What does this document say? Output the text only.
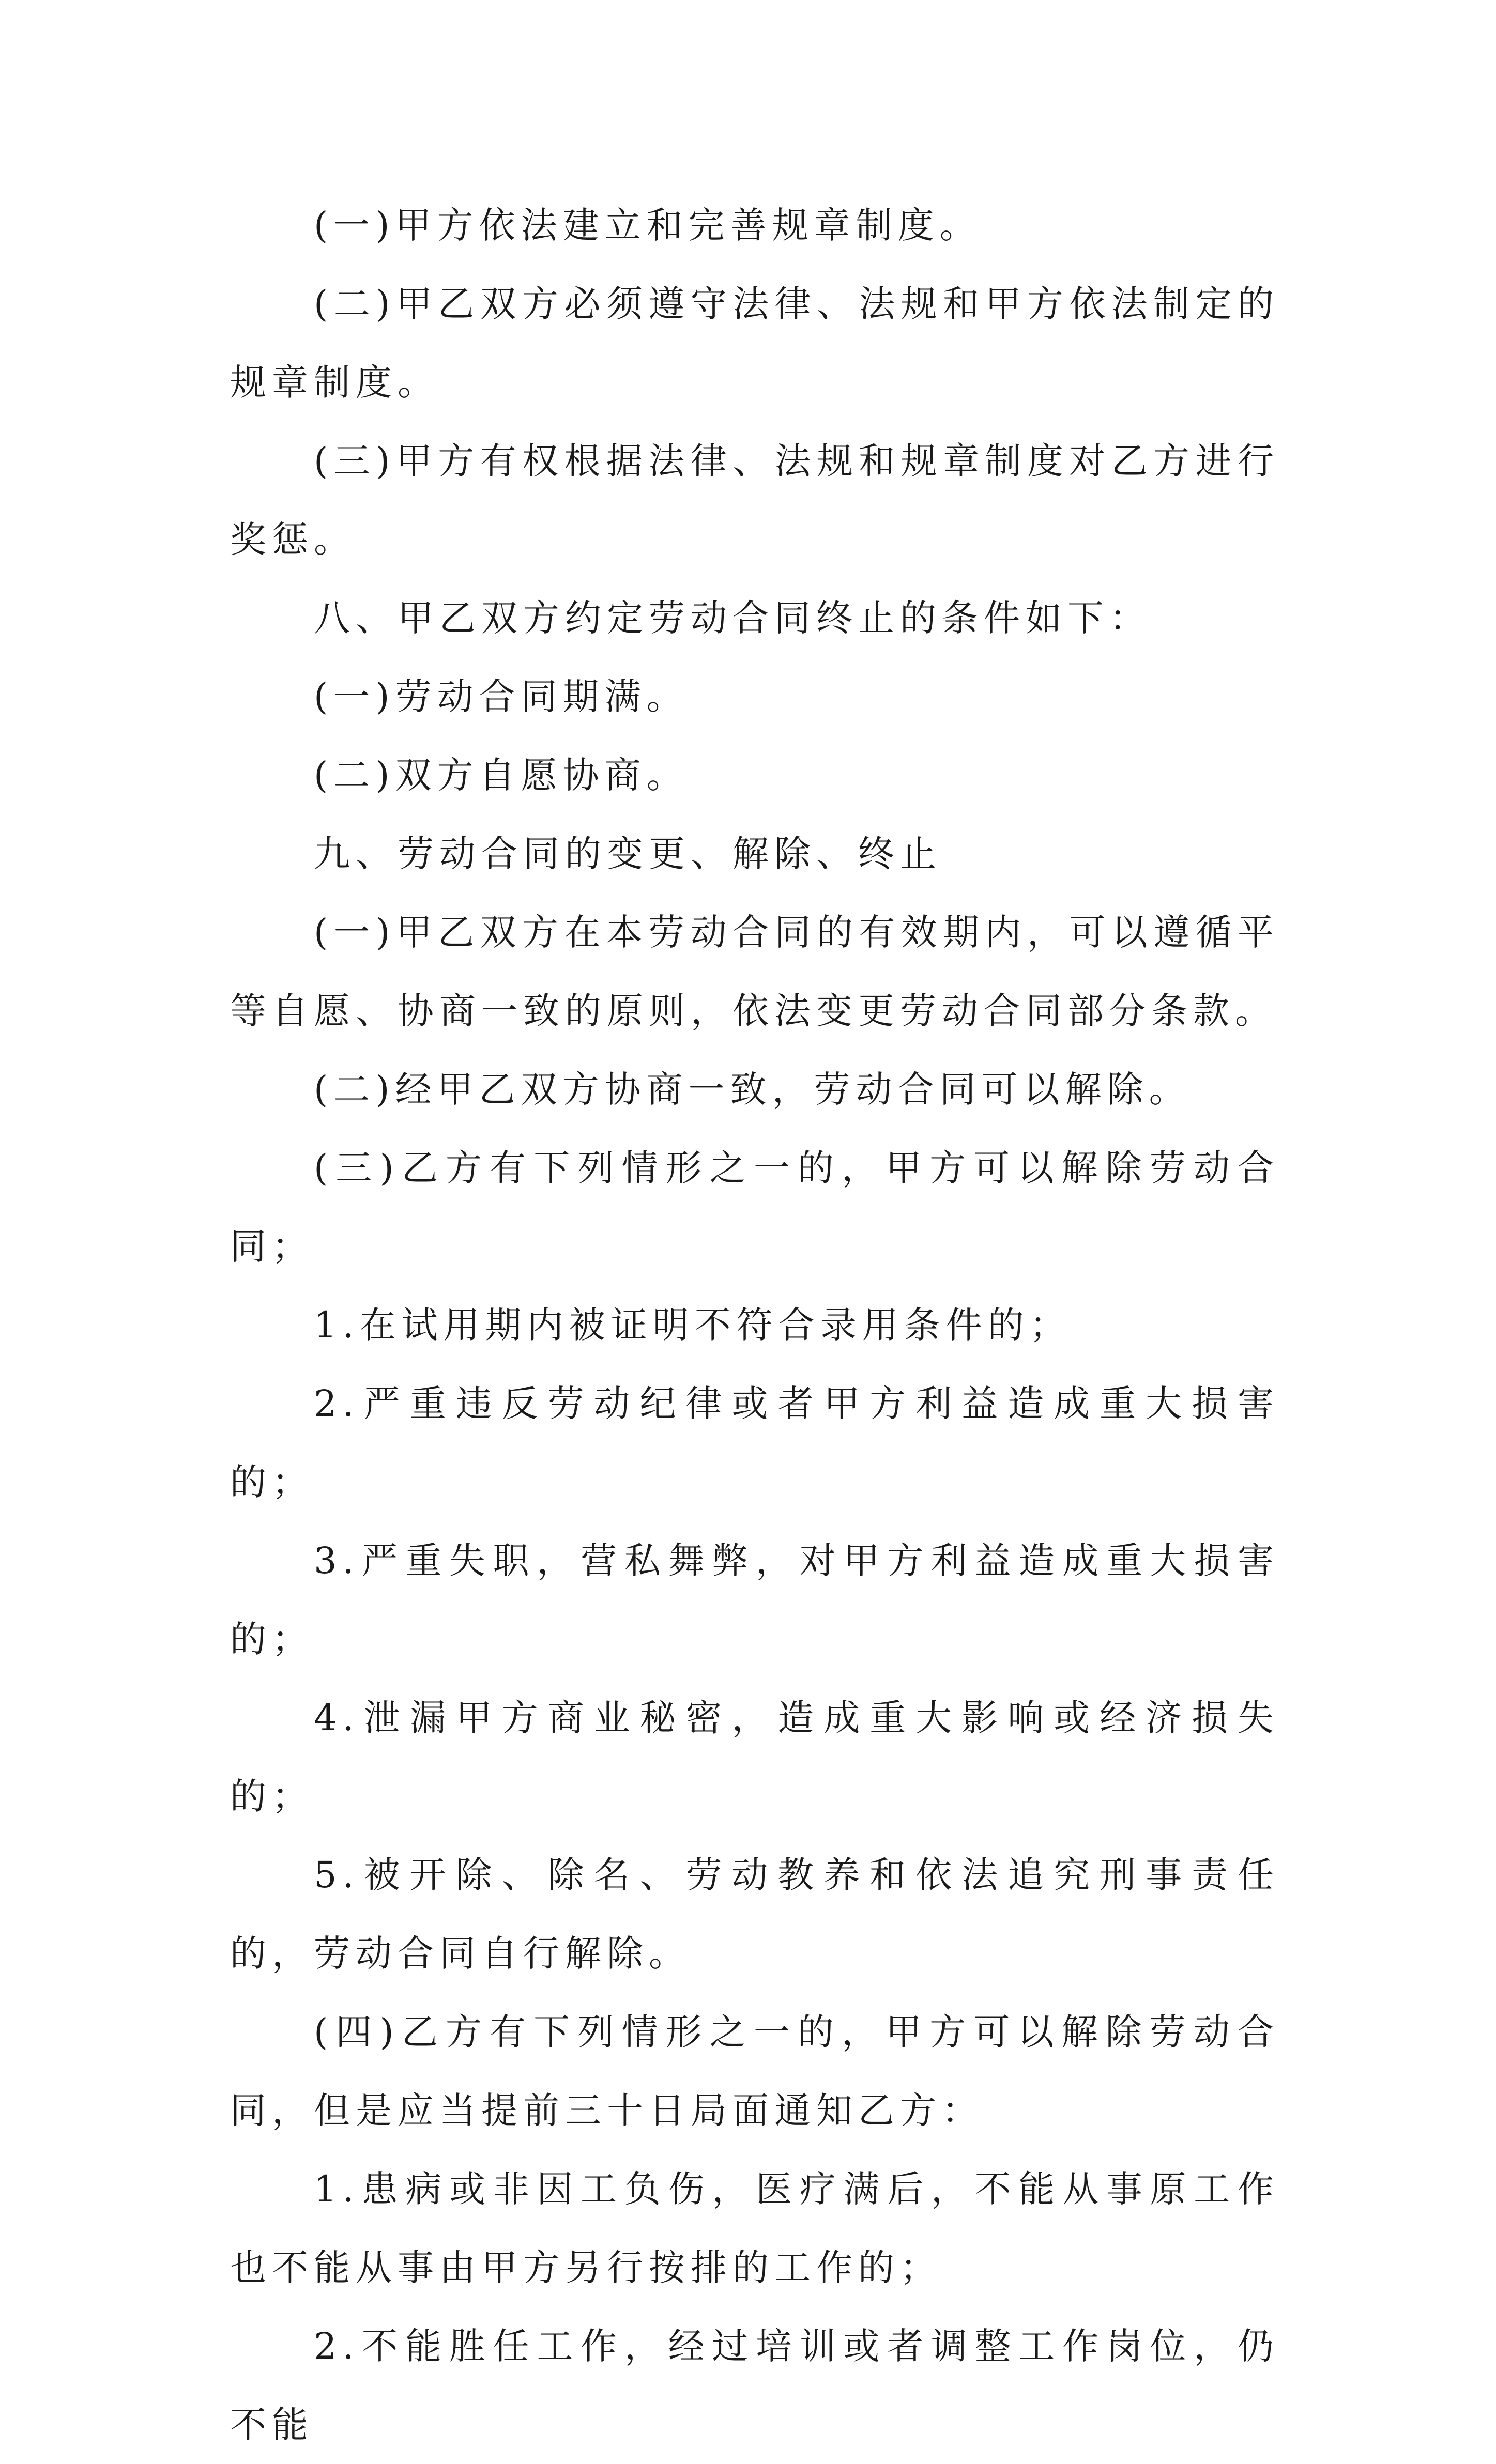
(一)甲方依法建立和完善规章制度。

(二)甲乙双方必须遵守法律、法规和甲方依法制定的规章制度。

(三)甲方有权根据法律、法规和规章制度对乙方进行奖惩。

八、甲乙双方约定劳动合同终止的条件如下：

(一)劳动合同期满。

(二)双方自愿协商。

九、劳动合同的变更、解除、终止

(一)甲乙双方在本劳动合同的有效期内，可以遵循平等自愿、协商一致的原则，依法变更劳动合同部分条款。

(二)经甲乙双方协商一致，劳动合同可以解除。

(三)乙方有下列情形之一的，甲方可以解除劳动合同；

1.在试用期内被证明不符合录用条件的；

2.严重违反劳动纪律或者甲方利益造成重大损害的；

3.严重失职，营私舞弊，对甲方利益造成重大损害的；

4.泄漏甲方商业秘密，造成重大影响或经济损失的；

5.被开除、除名、劳动教养和依法追究刑事责任的，劳动合同自行解除。

(四)乙方有下列情形之一的，甲方可以解除劳动合同，但是应当提前三十日局面通知乙方：

1.患病或非因工负伤，医疗满后，不能从事原工作也不能从事由甲方另行按排的工作的；

2.不能胜任工作，经过培训或者调整工作岗位，仍不能
